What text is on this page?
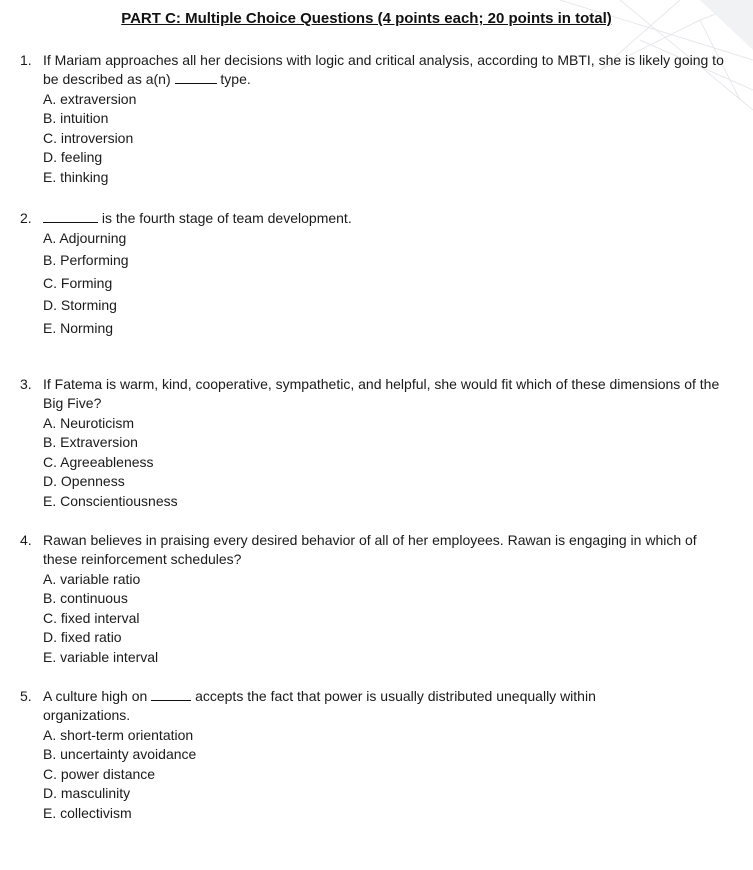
PART C: Multiple Choice Questions (4 points each; 20 points in total)
1. If Mariam approaches all her decisions with logic and critical analysis, according to MBTI, she is likely going to be described as a(n)	type.
A. extraversion
B. intuition
C. introversion
D. feeling
E. thinking
2.	is the fourth stage of team development.
A. Adjourning
B. Performing
C. Forming
D. Storming
E. Norming
3. If Fatema is warm, kind, cooperative, sympathetic, and helpful, she would fit which of these dimensions of the Big Five?
A. Neuroticism
B. Extraversion
C. Agreeableness
D. Openness
E. Conscientiousness
4. Rawan believes in praising every desired behavior of all of her employees. Rawan is engaging in which of these reinforcement schedules?
A. variable ratio
B. continuous
C. fixed interval
D. fixed ratio
E. variable interval
5. A culture high on	accepts the fact that power is usually distributed unequally within organizations.
A. short-term orientation
B. uncertainty avoidance
C. power distance
D. masculinity
E. collectivism
